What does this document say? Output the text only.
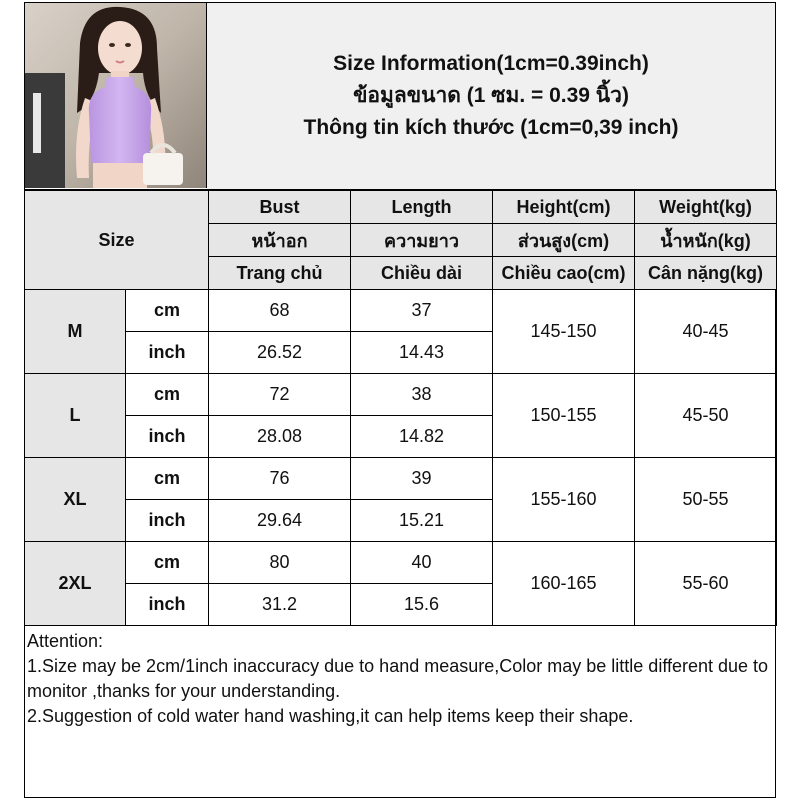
Size Information(1cm=0.39inch)
ข้อมูลขนาด (1 ซม. = 0.39 นิ้ว)
Thông tin kích thước (1cm=0,39 inch)
Size		Bust	Length	Height(cm)	Weight(kg)
		หน้าอก	ความยาว	ส่วนสูง(cm)	น้ำหนัก(kg)
		Trang chủ	Chiều dài	Chiều cao(cm)	Cân nặng(kg)
M	cm	68	37	145-150	40-45
	inch	26.52	14.43		
L	cm	72	38	150-155	45-50
	inch	28.08	14.82		
XL	cm	76	39	155-160	50-55
	inch	29.64	15.21		
2XL	cm	80	40	160-165	55-60
	inch	31.2	15.6		
Attention:
1.Size may be 2cm/1inch inaccuracy due to hand measure,Color may be little different due to monitor ,thanks for your understanding.
2.Suggestion of cold water hand washing,it can help items keep their shape.
